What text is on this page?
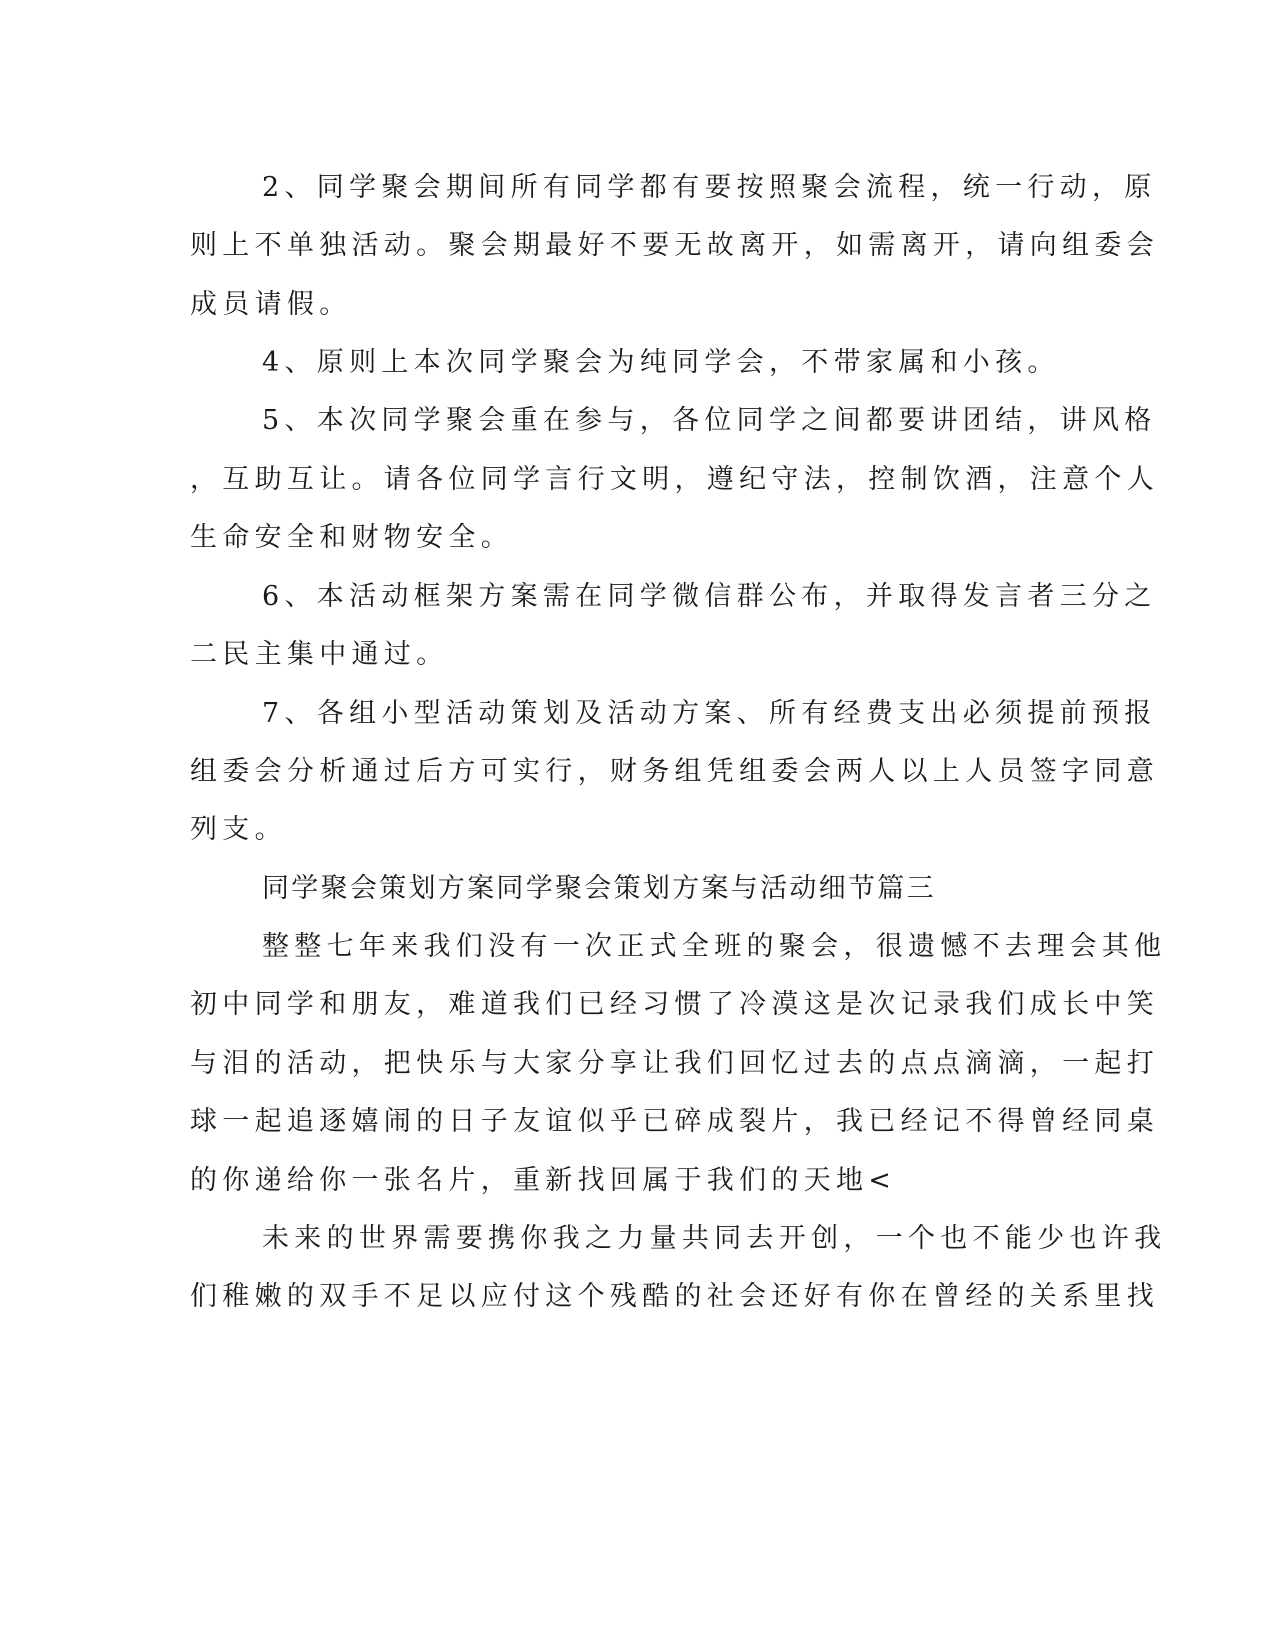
2、同学聚会期间所有同学都有要按照聚会流程，统一行动，原

则上不单独活动。聚会期最好不要无故离开，如需离开，请向组委会

成员请假。

4、原则上本次同学聚会为纯同学会，不带家属和小孩。

5、本次同学聚会重在参与，各位同学之间都要讲团结，讲风格

，互助互让。请各位同学言行文明，遵纪守法，控制饮酒，注意个人

生命安全和财物安全。

6、本活动框架方案需在同学微信群公布，并取得发言者三分之

二民主集中通过。

7、各组小型活动策划及活动方案、所有经费支出必须提前预报

组委会分析通过后方可实行，财务组凭组委会两人以上人员签字同意

列支。

同学聚会策划方案同学聚会策划方案与活动细节篇三

整整七年来我们没有一次正式全班的聚会，很遗憾不去理会其他

初中同学和朋友，难道我们已经习惯了冷漠这是次记录我们成长中笑

与泪的活动，把快乐与大家分享让我们回忆过去的点点滴滴，一起打

球一起追逐嬉闹的日子友谊似乎已碎成裂片，我已经记不得曾经同桌

的你递给你一张名片，重新找回属于我们的天地<

未来的世界需要携你我之力量共同去开创，一个也不能少也许我

们稚嫩的双手不足以应付这个残酷的社会还好有你在曾经的关系里找
